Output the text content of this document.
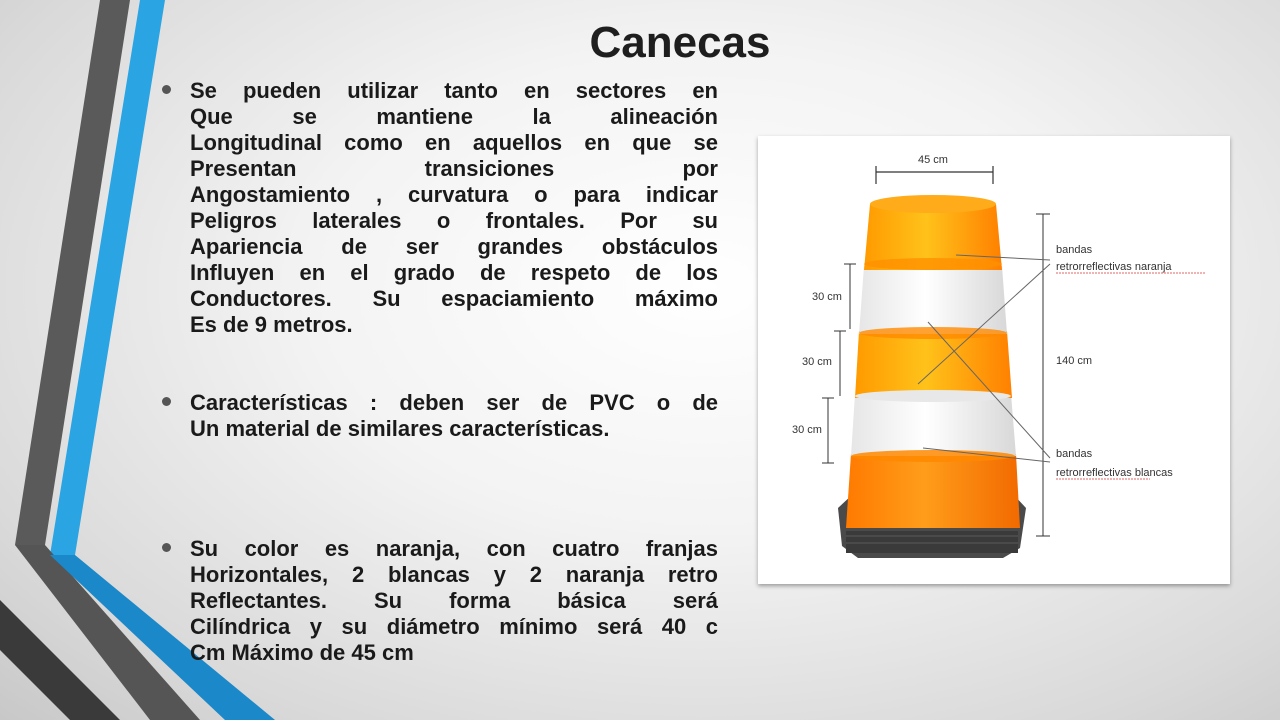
Canecas
Se pueden utilizar tanto en sectores en
Que se mantiene la alineación
Longitudinal como en aquellos en que se
Presentan transiciones por
Angostamiento , curvatura o para indicar
Peligros laterales o frontales. Por su
Apariencia de ser grandes obstáculos
Influyen en el grado de respeto de los
Conductores. Su espaciamiento máximo
Es de 9 metros.
Características : deben ser de PVC o de
Un material de similares características.
Su color es naranja, con cuatro franjas
Horizontales, 2 blancas y 2 naranja retro
Reflectantes. Su forma básica será
Cilíndrica y su diámetro mínimo será 40 c
Cm Máximo de 45 cm
45 cm
30 cm
30 cm
30 cm
140 cm
bandas
retrorreflectivas naranja
bandas
retrorreflectivas blancas
